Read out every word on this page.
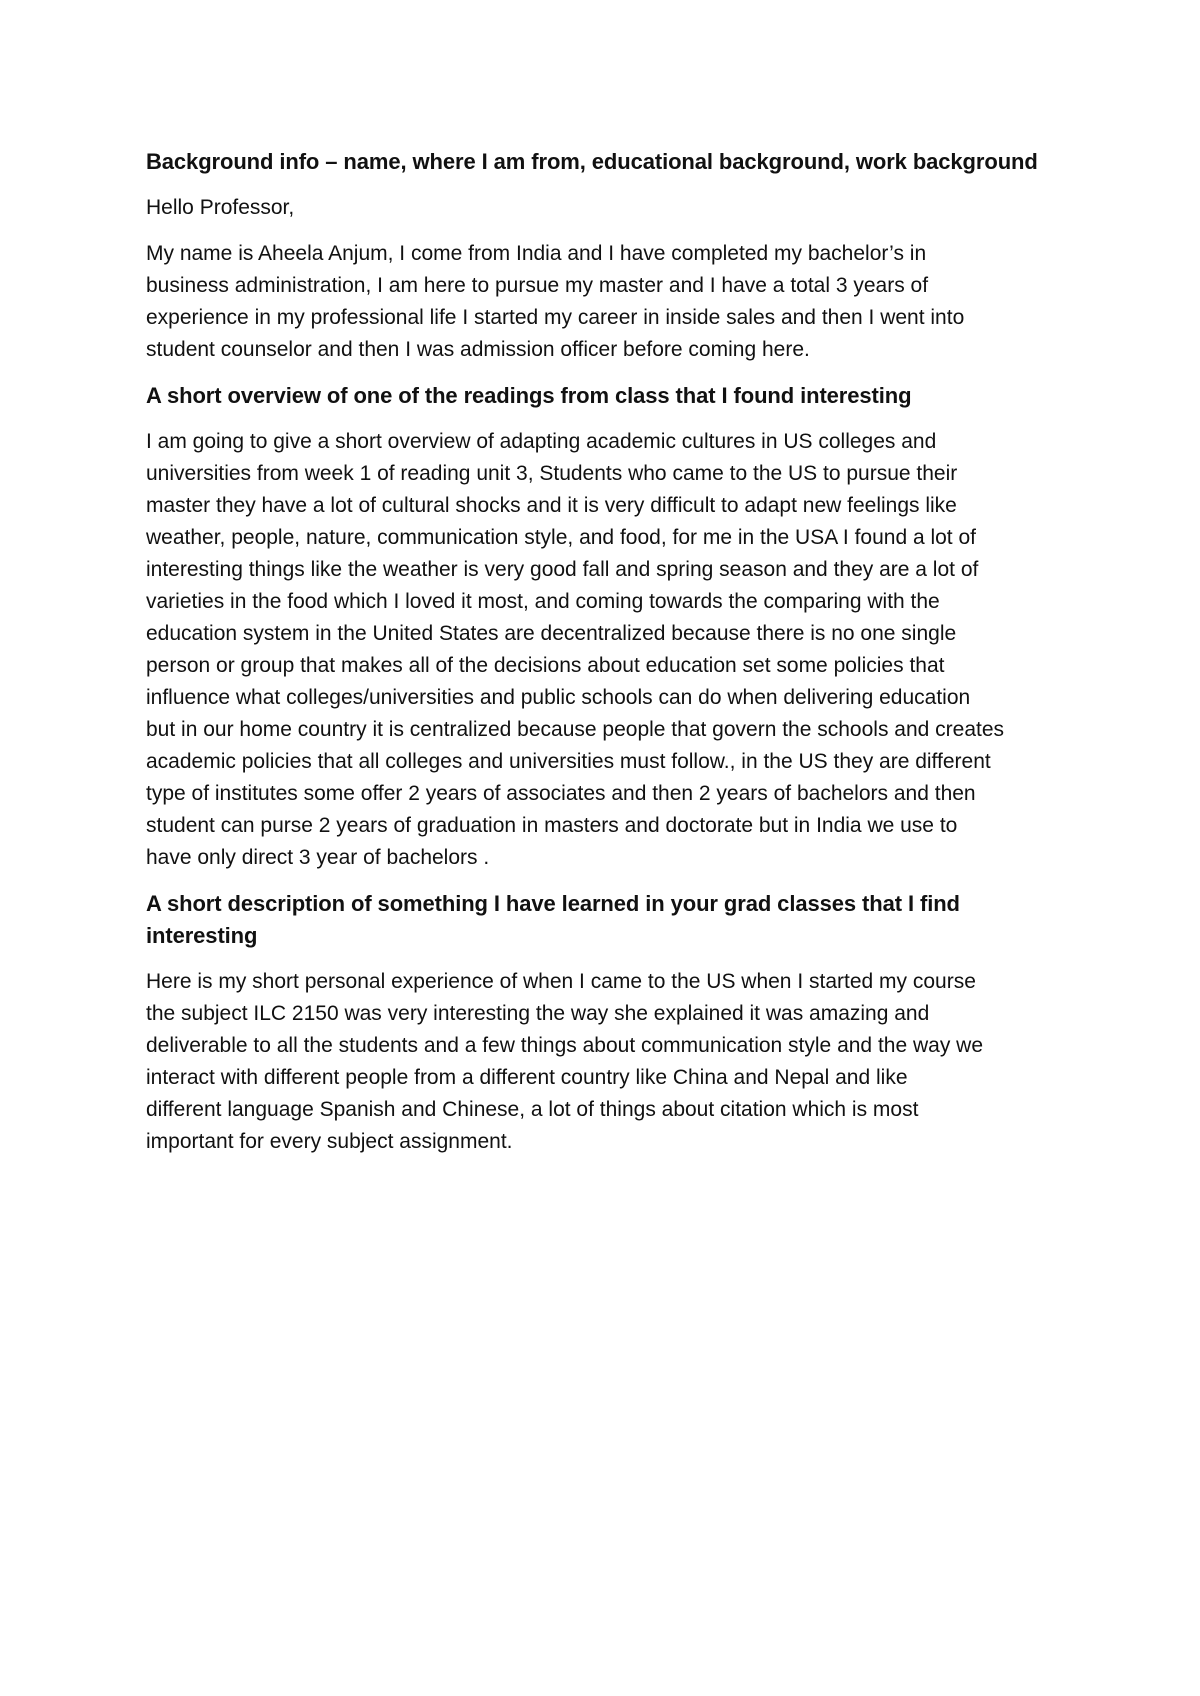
Background info – name, where I am from, educational background, work background
Hello Professor,
My name is Aheela Anjum, I come from India and I have completed my bachelor’s in
business administration, I am here to pursue my master and I have a total 3 years of
experience in my professional life I started my career in inside sales and then I went into
student counselor and then I was admission officer before coming here.
A short overview of one of the readings from class that I found interesting
I am going to give a short overview of adapting academic cultures in US colleges and
universities from week 1 of reading unit 3, Students who came to the US to pursue their
master they have a lot of cultural shocks and it is very difficult to adapt new feelings like
weather, people, nature, communication style, and food, for me in the USA I found a lot of
interesting things like the weather is very good fall and spring season and they are a lot of
varieties in the food which I loved it most, and coming towards the comparing with the
education system in the United States are decentralized because there is no one single
person or group that makes all of the decisions about education set some policies that
influence what colleges/universities and public schools can do when delivering education
but in our home country it is centralized because people that govern the schools and creates
academic policies that all colleges and universities must follow., in the US they are different
type of institutes some offer 2 years of associates and then 2 years of bachelors and then
student can purse 2 years of graduation in masters and doctorate but in India we use to
have only direct 3 year of bachelors .
A short description of something I have learned in your grad classes that I find interesting
Here is my short personal experience of when I came to the US when I started my course
the subject ILC 2150 was very interesting the way she explained it was amazing and
deliverable to all the students and a few things about communication style and the way we
interact with different people from a different country like China and Nepal and like
different language Spanish and Chinese, a lot of things about citation which is most
important for every subject assignment.
